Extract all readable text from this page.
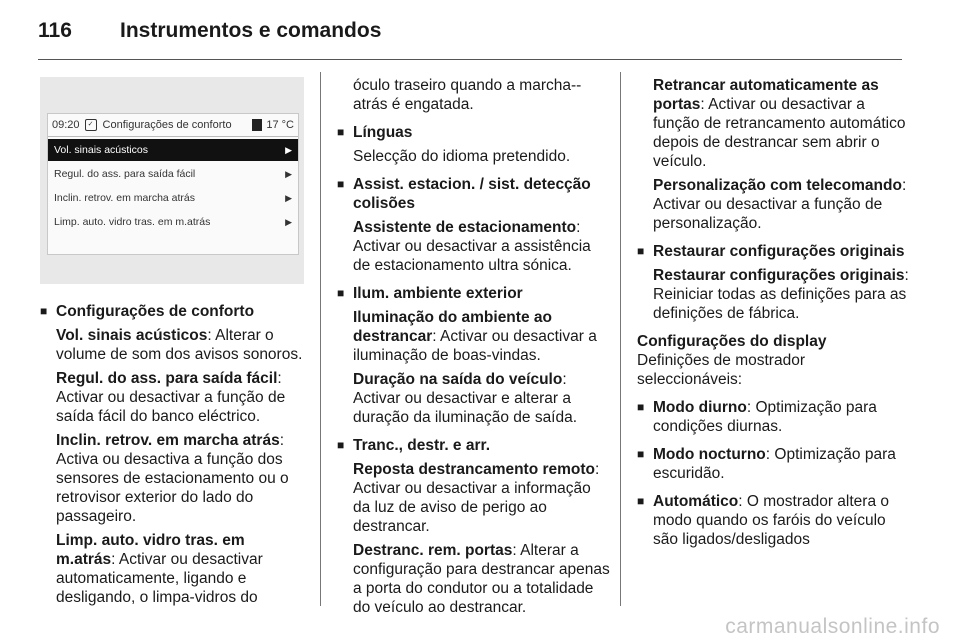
116 Instrumentos e comandos
09:20	✓ Configurações de conforto	17 °C
Vol. sinais acústicos	▶
Regul. do ass. para saída fácil	▶
Inclin. retrov. em marcha atrás	▶
Limp. auto. vidro tras. em m.atrás	▶

■ Configurações de conforto

Vol. sinais acústicos: Alterar o volume de som dos avisos sonoros.

Regul. do ass. para saída fácil: Activar ou desactivar a função de saída fácil do banco eléctrico.

Inclin. retrov. em marcha atrás: Activa ou desactiva a função dos sensores de estacionamento ou o retrovisor exterior do lado do passageiro.

Limp. auto. vidro tras. em m.atrás: Activar ou desactivar automaticamente, ligando e desligando, o limpa-vidros do

óculo traseiro quando a marcha--atrás é engatada.

■ Línguas

Selecção do idioma pretendido.

■ Assist. estacion. / sist. detecção colisões

Assistente de estacionamento: Activar ou desactivar a assistência de estacionamento ultra sónica.

■ Ilum. ambiente exterior

Iluminação do ambiente ao destrancar: Activar ou desactivar a iluminação de boas-vindas.

Duração na saída do veículo: Activar ou desactivar e alterar a duração da iluminação de saída.

■ Tranc., destr. e arr.

Reposta destrancamento remoto: Activar ou desactivar a informação da luz de aviso de perigo ao destrancar.

Destranc. rem. portas: Alterar a configuração para destrancar apenas a porta do condutor ou a totalidade do veículo ao destrancar.

Retrancar automaticamente as portas: Activar ou desactivar a função de retrancamento automático depois de destrancar sem abrir o veículo.

Personalização com telecomando: Activar ou desactivar a função de personalização.

■ Restaurar configurações originais

Restaurar configurações originais: Reiniciar todas as definições para as definições de fábrica.

Configurações do display

Definições de mostrador seleccionáveis:

■ Modo diurno: Optimização para condições diurnas.

■ Modo nocturno: Optimização para escuridão.

■ Automático: O mostrador altera o modo quando os faróis do veículo são ligados/desligados

carmanualsonline.info
